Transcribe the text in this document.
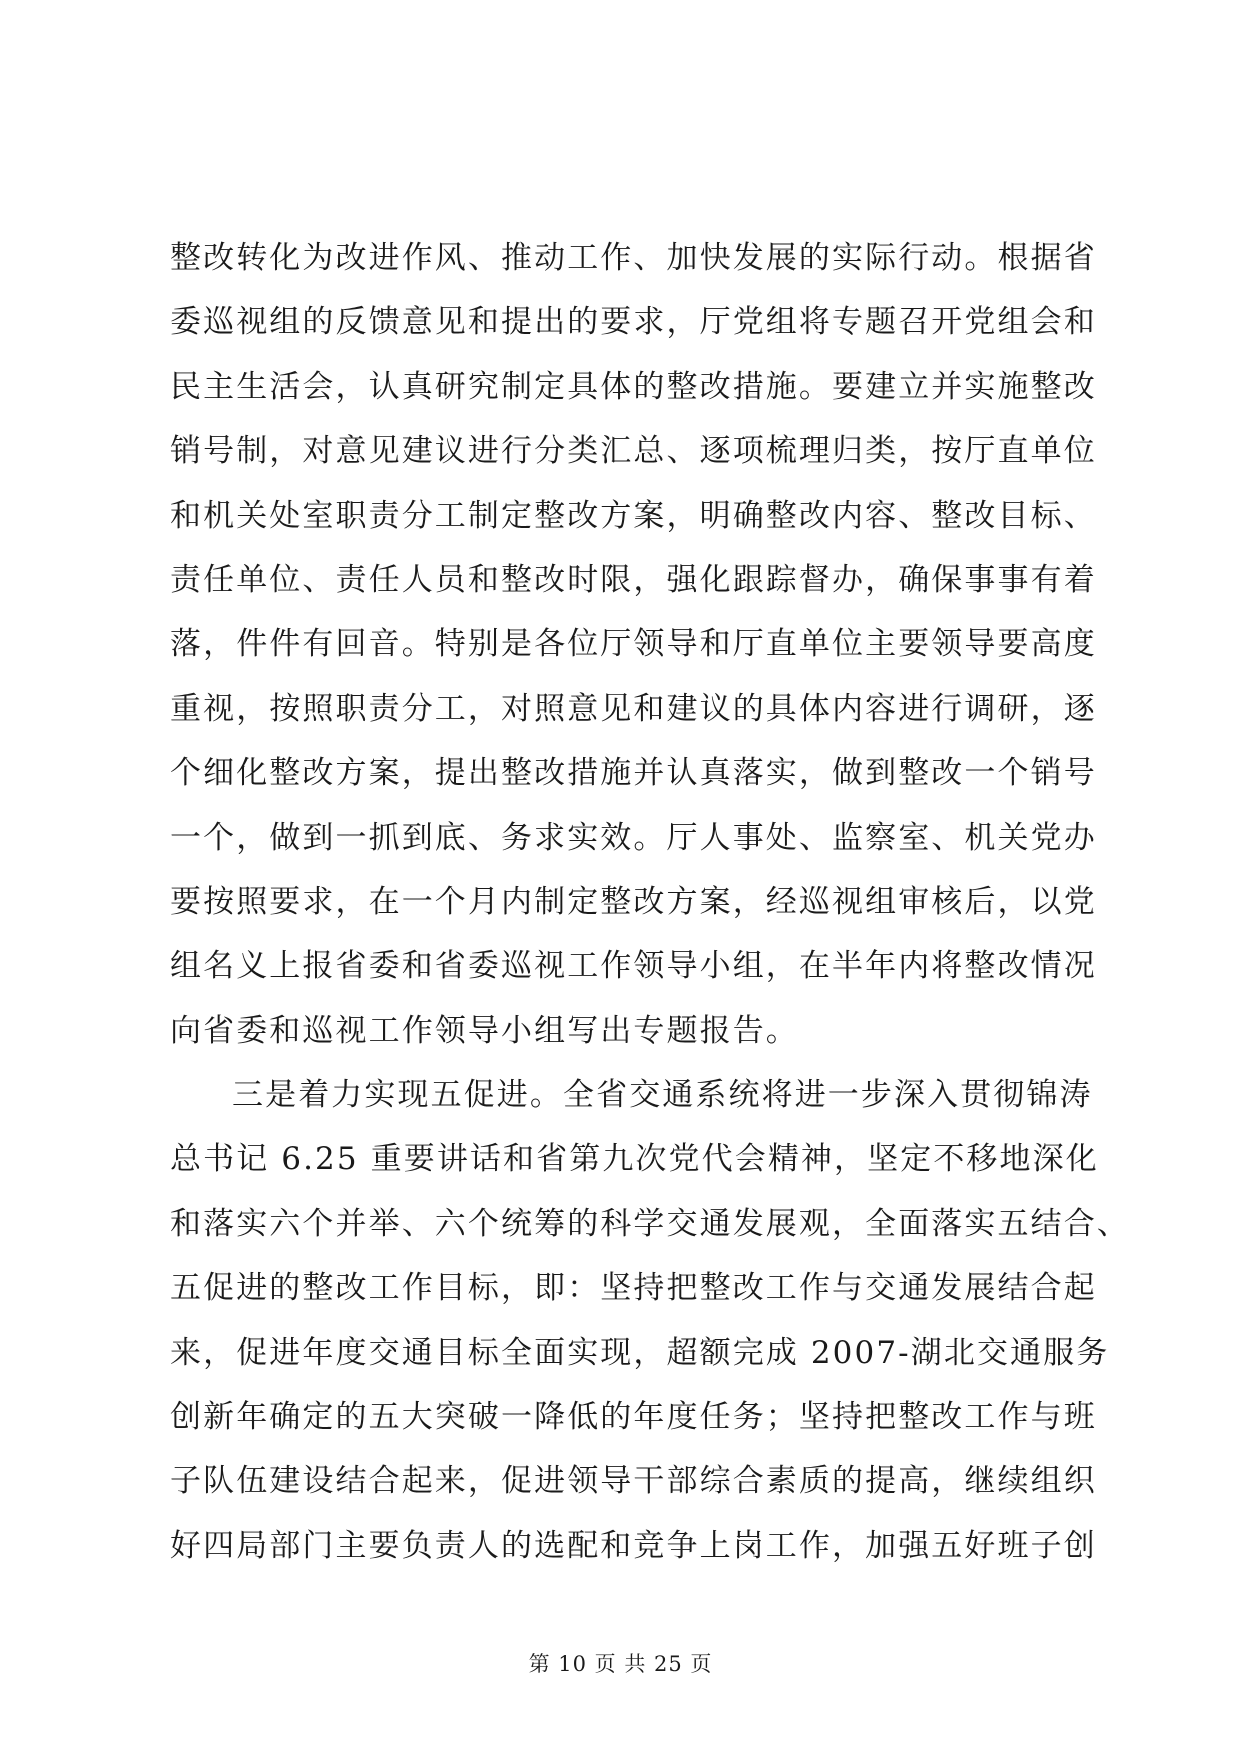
整改转化为改进作风、推动工作、加快发展的实际行动。根据省
委巡视组的反馈意见和提出的要求，厅党组将专题召开党组会和
民主生活会，认真研究制定具体的整改措施。要建立并实施整改
销号制，对意见建议进行分类汇总、逐项梳理归类，按厅直单位
和机关处室职责分工制定整改方案，明确整改内容、整改目标、
责任单位、责任人员和整改时限，强化跟踪督办，确保事事有着
落，件件有回音。特别是各位厅领导和厅直单位主要领导要高度
重视，按照职责分工，对照意见和建议的具体内容进行调研，逐
个细化整改方案，提出整改措施并认真落实，做到整改一个销号
一个，做到一抓到底、务求实效。厅人事处、监察室、机关党办
要按照要求，在一个月内制定整改方案，经巡视组审核后，以党
组名义上报省委和省委巡视工作领导小组，在半年内将整改情况
向省委和巡视工作领导小组写出专题报告。
三是着力实现五促进。全省交通系统将进一步深入贯彻锦涛
总书记 6.25 重要讲话和省第九次党代会精神，坚定不移地深化
和落实六个并举、六个统筹的科学交通发展观，全面落实五结合、
五促进的整改工作目标，即：坚持把整改工作与交通发展结合起
来，促进年度交通目标全面实现，超额完成 2007-湖北交通服务
创新年确定的五大突破一降低的年度任务；坚持把整改工作与班
子队伍建设结合起来，促进领导干部综合素质的提高，继续组织
好四局部门主要负责人的选配和竞争上岗工作，加强五好班子创
第 10 页 共 25 页
